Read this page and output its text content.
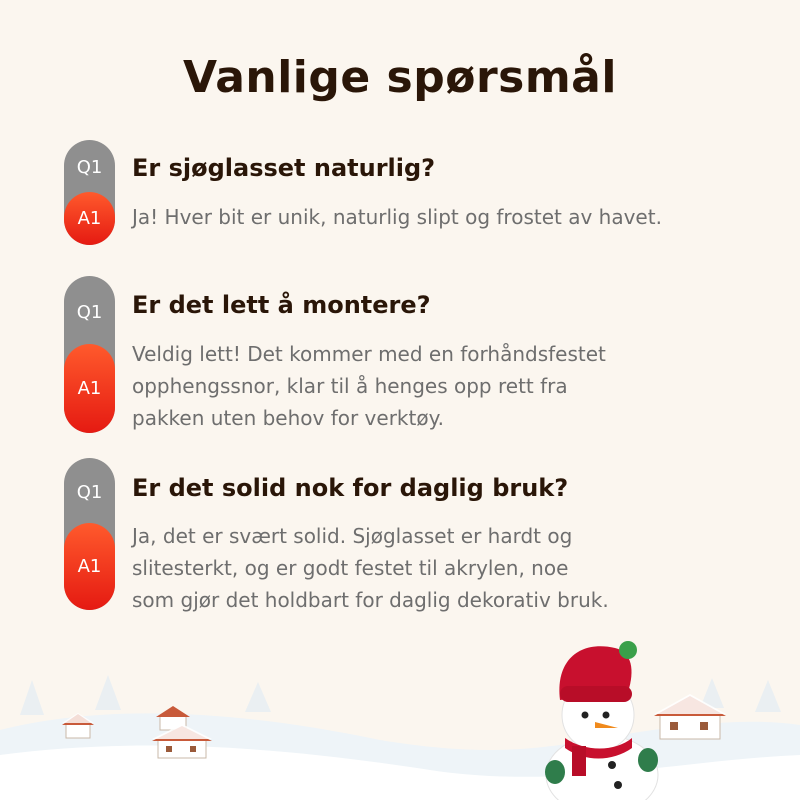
Vanlige spørsmål
Q1
A1
Er sjøglasset naturlig?
Ja! Hver bit er unik, naturlig slipt og frostet av havet.
Q1
A1
Er det lett å montere?
Veldig lett! Det kommer med en forhåndsfestet
opphengssnor, klar til å henges opp rett fra
pakken uten behov for verktøy.
Q1
A1
Er det solid nok for daglig bruk?
Ja, det er svært solid. Sjøglasset er hardt og
slitesterkt, og er godt festet til akrylen, noe
som gjør det holdbart for daglig dekorativ bruk.
